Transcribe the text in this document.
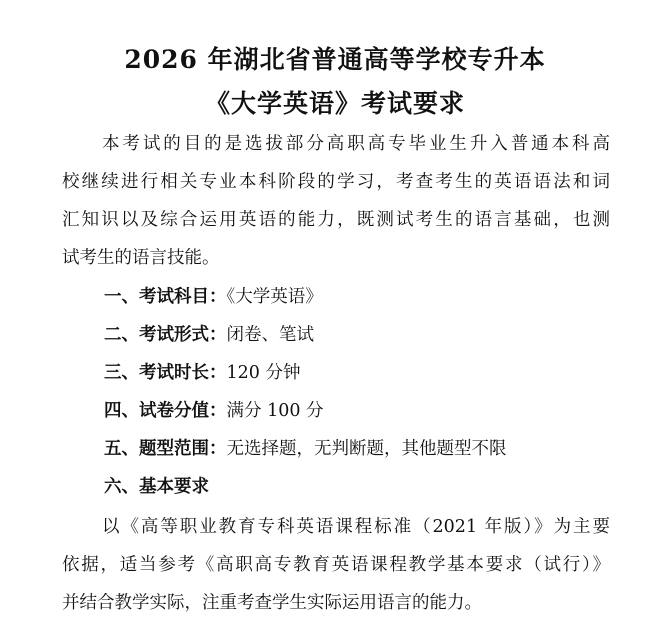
2026 年湖北省普通高等学校专升本
《大学英语》考试要求
本考试的目的是选拔部分高职高专毕业生升入普通本科高
校继续进行相关专业本科阶段的学习，考查考生的英语语法和词
汇知识以及综合运用英语的能力，既测试考生的语言基础，也测
试考生的语言技能。
一、考试科目：《大学英语》
二、考试形式：闭卷、笔试
三、考试时长：120 分钟
四、试卷分值：满分 100 分
五、题型范围：无选择题，无判断题，其他题型不限
六、基本要求
以《高等职业教育专科英语课程标准（2021 年版）》为主要
依据，适当参考《高职高专教育英语课程教学基本要求（试行）》
并结合教学实际，注重考查学生实际运用语言的能力。
